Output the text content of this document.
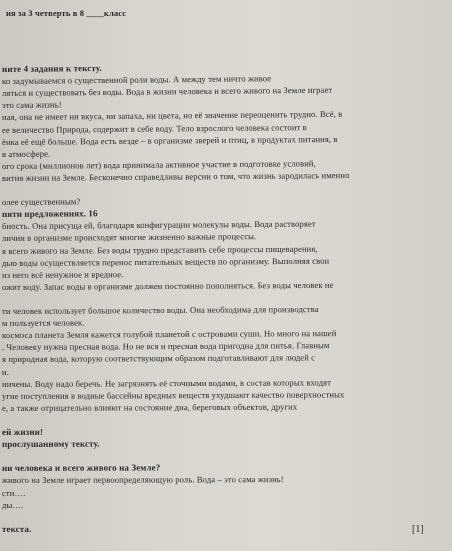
ия за 3 четверть в 8 ____класс
ните 4 задания к тексту.
ко задумываемся о существенной роли воды. А между тем ничто живое
ляться и существовать без воды. Вода в жизни человека и всего живого на Земле играет
это сама жизнь!
ная, она не имеет ни вкуса, ни запаха, ни цвета, но её значение переоценить трудно. Всё, в
ее величество Природа, содержит в себе воду. Тело взрослого человека состоит в
ёнка её ещё больше. Вода есть везде – в организме зверей и птиц, в продуктах питания, в
в атмосфере.
ого срока (миллионов лет) вода принимала активное участие в подготовке условий,
вития жизни на Земле. Бесконечно справедливы версии о том, что жизнь зародилась именно
олее существенным?
пяти предложениях. 16
бность. Она присуща ей, благодаря конфигурации молекулы воды. Вода растворяет
личии в организме происходят многие жизненно важные процессы.
я всего живого на Земле. Без воды трудно представить себе процессы пищеварения,
дью воды осуществляется перенос питательных веществ по организму. Выполняя свои
из него всё ненужное и вредное.
ожит воду. Запас воды в организме должен постоянно пополняться. Без воды человек не
ти человек использует большое количество воды. Она необходима для производства
м пользуется человек.
космоса планета Земля кажется голубой планетой с островами суши. Но много на нашей
. Человеку нужна пресная вода. Но не вся и пресная вода пригодна для питья. Главным
я природная вода, которую соответствующим образом подготавливают для людей с
и.
ничены. Воду надо беречь. Не загрязнять её сточными водами, в состав которых входят
угие поступления в водные бассейны вредных веществ ухудшают качество поверхностных
е, а также отрицательно влияют на состояние дна, береговых объектов, других
ей жизни!
прослушанному тексту.
ни человека и всего живого на Земле?
живого на Земле играет первоопределяющую роль. Вода – это сама жизнь!
сти….
ды….
текста.	[1]
